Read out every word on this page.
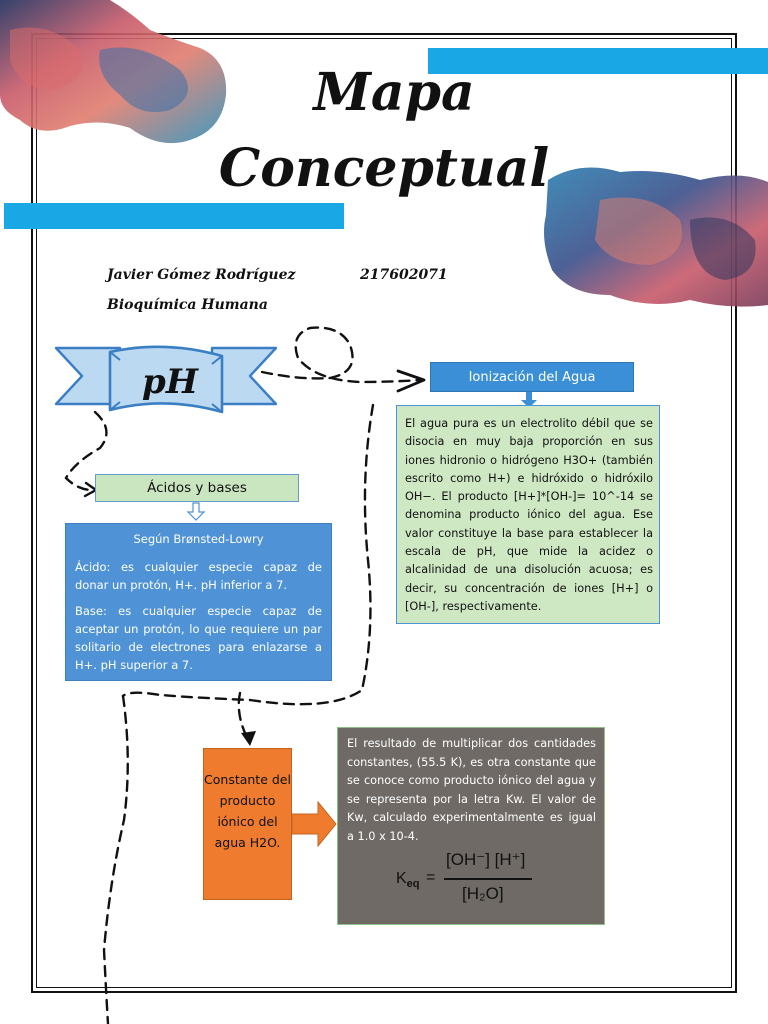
Mapa
Conceptual
Javier Gómez Rodríguez	217602071
Bioquímica Humana
pH	Ionización del Agua
El agua pura es un electrolito débil que se disocia en muy baja proporción en sus iones hidronio o hidrógeno H3O+ (también escrito como H+) e hidróxido o hidróxilo OH−. El producto [H+]*[OH-]= 10^-14 se denomina producto iónico del agua. Ese valor constituye la base para establecer la escala de pH, que mide la acidez o alcalinidad de una disolución acuosa; es decir, su concentración de iones [H+] o [OH-], respectivamente.
Ácidos y bases
Según Brønsted-Lowry

Ácido: es cualquier especie capaz de donar un protón, H+. pH inferior a 7.

Base: es cualquier especie capaz de aceptar un protón, lo que requiere un par solitario de electrones para enlazarse a H+. pH superior a 7.

Constante del producto iónico del agua H2O.
El resultado de multiplicar dos cantidades constantes, (55.5 K), es otra constante que se conoce como producto iónico del agua y se representa por la letra Kw. El valor de Kw, calculado experimentalmente es igual a 1.0 x 10-4.
$K_{eq}$ =
[OH⁻] [H⁺]
[H₂O]
